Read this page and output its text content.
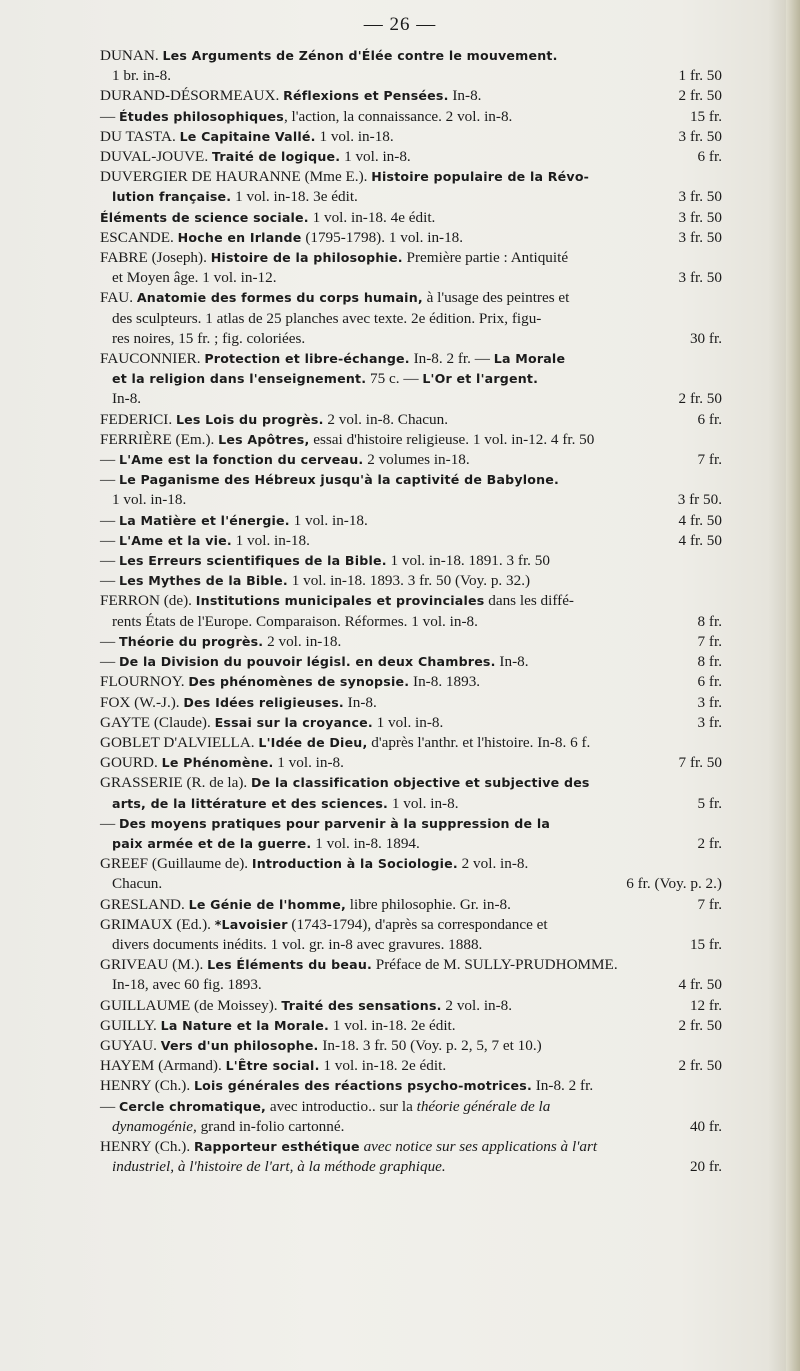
— 26 —
DUNAN. Les Arguments de Zénon d'Élée contre le mouvement.
1 br. in-8.	1 fr. 50
DURAND-DÉSORMEAUX. Réflexions et Pensées. In-8.	2 fr. 50
— Études philosophiques, l'action, la connaissance. 2 vol. in-8.	15 fr.
DU TASTA. Le Capitaine Vallé. 1 vol. in-18.	3 fr. 50
DUVAL-JOUVE. Traité de logique. 1 vol. in-8.	6 fr.
DUVERGIER DE HAURANNE (Mme E.). Histoire populaire de la Révo-
lution française. 1 vol. in-18. 3e édit.	3 fr. 50
Éléments de science sociale. 1 vol. in-18. 4e édit.	3 fr. 50
ESCANDE. Hoche en Irlande (1795-1798). 1 vol. in-18.	3 fr. 50
FABRE (Joseph). Histoire de la philosophie. Première partie : Antiquité
et Moyen âge. 1 vol. in-12.	3 fr. 50
FAU. Anatomie des formes du corps humain, à l'usage des peintres et
des sculpteurs. 1 atlas de 25 planches avec texte. 2e édition. Prix, figu-
res noires, 15 fr. ; fig. coloriées.	30 fr.
FAUCONNIER. Protection et libre-échange. In-8. 2 fr. — La Morale
et la religion dans l'enseignement. 75 c. — L'Or et l'argent.
In-8.	2 fr. 50
FEDERICI. Les Lois du progrès. 2 vol. in-8. Chacun.	6 fr.
FERRIÈRE (Em.). Les Apôtres, essai d'histoire religieuse. 1 vol. in-12. 4 fr. 50
— L'Ame est la fonction du cerveau. 2 volumes in-18.	7 fr.
— Le Paganisme des Hébreux jusqu'à la captivité de Babylone.
1 vol. in-18.	3 fr 50.
— La Matière et l'énergie. 1 vol. in-18.	4 fr. 50
— L'Ame et la vie. 1 vol. in-18.	4 fr. 50
— Les Erreurs scientifiques de la Bible. 1 vol. in-18. 1891. 3 fr. 50
— Les Mythes de la Bible. 1 vol. in-18. 1893. 3 fr. 50 (Voy. p. 32.)
FERRON (de). Institutions municipales et provinciales dans les diffé-
rents États de l'Europe. Comparaison. Réformes. 1 vol. in-8.	8 fr.
— Théorie du progrès. 2 vol. in-18.	7 fr.
— De la Division du pouvoir législ. en deux Chambres. In-8.	8 fr.
FLOURNOY. Des phénomènes de synopsie. In-8. 1893.	6 fr.
FOX (W.-J.). Des Idées religieuses. In-8.	3 fr.
GAYTE (Claude). Essai sur la croyance. 1 vol. in-8.	3 fr.
GOBLET D'ALVIELLA. L'Idée de Dieu, d'après l'anthr. et l'histoire. In-8. 6 f.
GOURD. Le Phénomène. 1 vol. in-8.	7 fr. 50
GRASSERIE (R. de la). De la classification objective et subjective des
arts, de la littérature et des sciences. 1 vol. in-8.	5 fr.
— Des moyens pratiques pour parvenir à la suppression de la
paix armée et de la guerre. 1 vol. in-8. 1894.	2 fr.
GREEF (Guillaume de). Introduction à la Sociologie. 2 vol. in-8.
Chacun.	6 fr. (Voy. p. 2.)
GRESLAND. Le Génie de l'homme, libre philosophie. Gr. in-8.	7 fr.
GRIMAUX (Ed.). *Lavoisier (1743-1794), d'après sa correspondance et
divers documents inédits. 1 vol. gr. in-8 avec gravures. 1888.	15 fr.
GRIVEAU (M.). Les Éléments du beau. Préface de M. SULLY-PRUDHOMME.
In-18, avec 60 fig. 1893.	4 fr. 50
GUILLAUME (de Moissey). Traité des sensations. 2 vol. in-8.	12 fr.
GUILLY. La Nature et la Morale. 1 vol. in-18. 2e édit.	2 fr. 50
GUYAU. Vers d'un philosophe. In-18. 3 fr. 50 (Voy. p. 2, 5, 7 et 10.)
HAYEM (Armand). L'Être social. 1 vol. in-18. 2e édit.	2 fr. 50
HENRY (Ch.). Lois générales des réactions psycho-motrices. In-8. 2 fr.
— Cercle chromatique, avec introductio.. sur la théorie générale de la
dynamogénie, grand in-folio cartonné.	40 fr.
HENRY (Ch.). Rapporteur esthétique avec notice sur ses applications à l'art
industriel, à l'histoire de l'art, à la méthode graphique.	20 fr.
